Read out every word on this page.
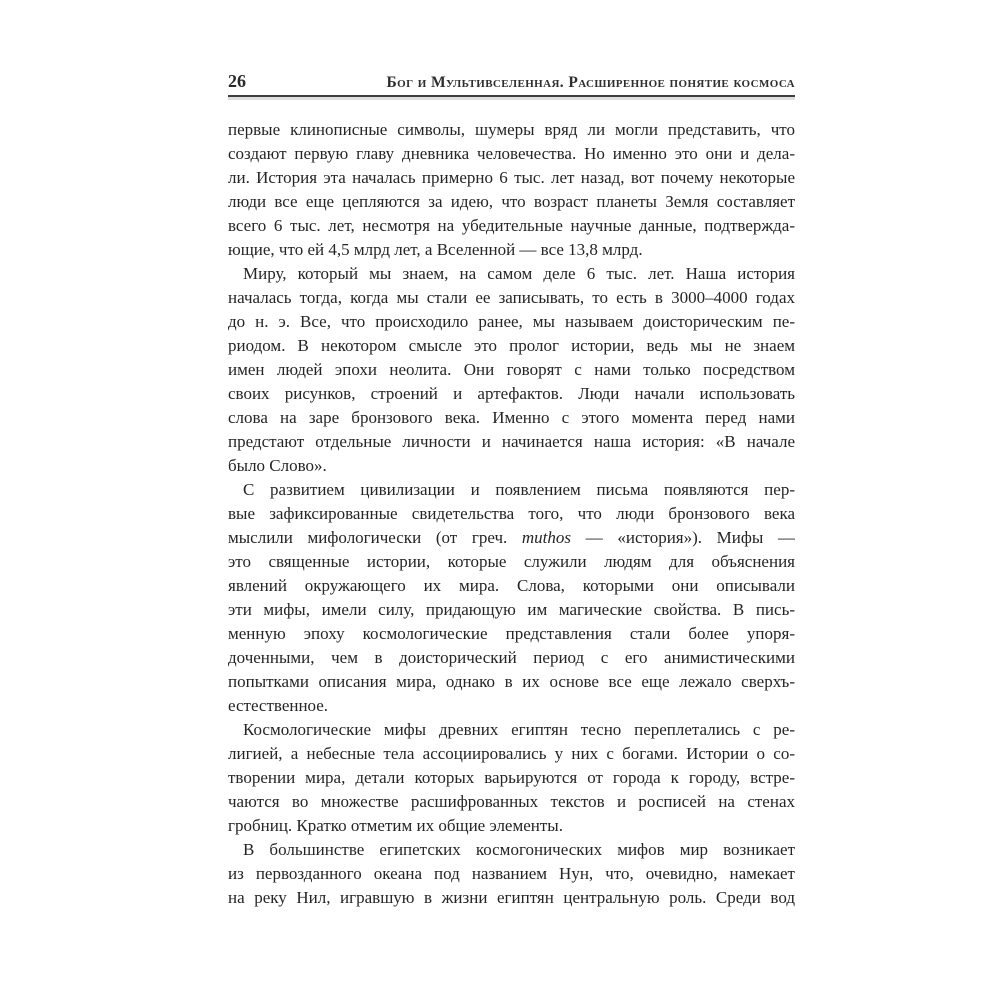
26	Бог и Мультивселенная. Расширенное понятие космоса
первые клинописные символы, шумеры вряд ли могли представить, что
создают первую главу дневника человечества. Но именно это они и дела-
ли. История эта началась примерно 6 тыс. лет назад, вот почему некоторые
люди все еще цепляются за идею, что возраст планеты Земля составляет
всего 6 тыс. лет, несмотря на убедительные научные данные, подтвержда-
ющие, что ей 4,5 млрд лет, а Вселенной — все 13,8 млрд.
Миру, который мы знаем, на самом деле 6 тыс. лет. Наша история
началась тогда, когда мы стали ее записывать, то есть в 3000–4000 годах
до н. э. Все, что происходило ранее, мы называем доисторическим пе-
риодом. В некотором смысле это пролог истории, ведь мы не знаем
имен людей эпохи неолита. Они говорят с нами только посредством
своих рисунков, строений и артефактов. Люди начали использовать
слова на заре бронзового века. Именно с этого момента перед нами
предстают отдельные личности и начинается наша история: «В начале
было Слово».
С развитием цивилизации и появлением письма появляются пер-
вые зафиксированные свидетельства того, что люди бронзового века
мыслили мифологически (от греч. muthos — «история»). Мифы —
это священные истории, которые служили людям для объяснения
явлений окружающего их мира. Слова, которыми они описывали
эти мифы, имели силу, придающую им магические свойства. В пись-
менную эпоху космологические представления стали более упоря-
доченными, чем в доисторический период с его анимистическими
попытками описания мира, однако в их основе все еще лежало сверхъ-
естественное.
Космологические мифы древних египтян тесно переплетались с ре-
лигией, а небесные тела ассоциировались у них с богами. Истории о со-
творении мира, детали которых варьируются от города к городу, встре-
чаются во множестве расшифрованных текстов и росписей на стенах
гробниц. Кратко отметим их общие элементы.
В большинстве египетских космогонических мифов мир возникает
из первозданного океана под названием Нун, что, очевидно, намекает
на реку Нил, игравшую в жизни египтян центральную роль. Среди вод
